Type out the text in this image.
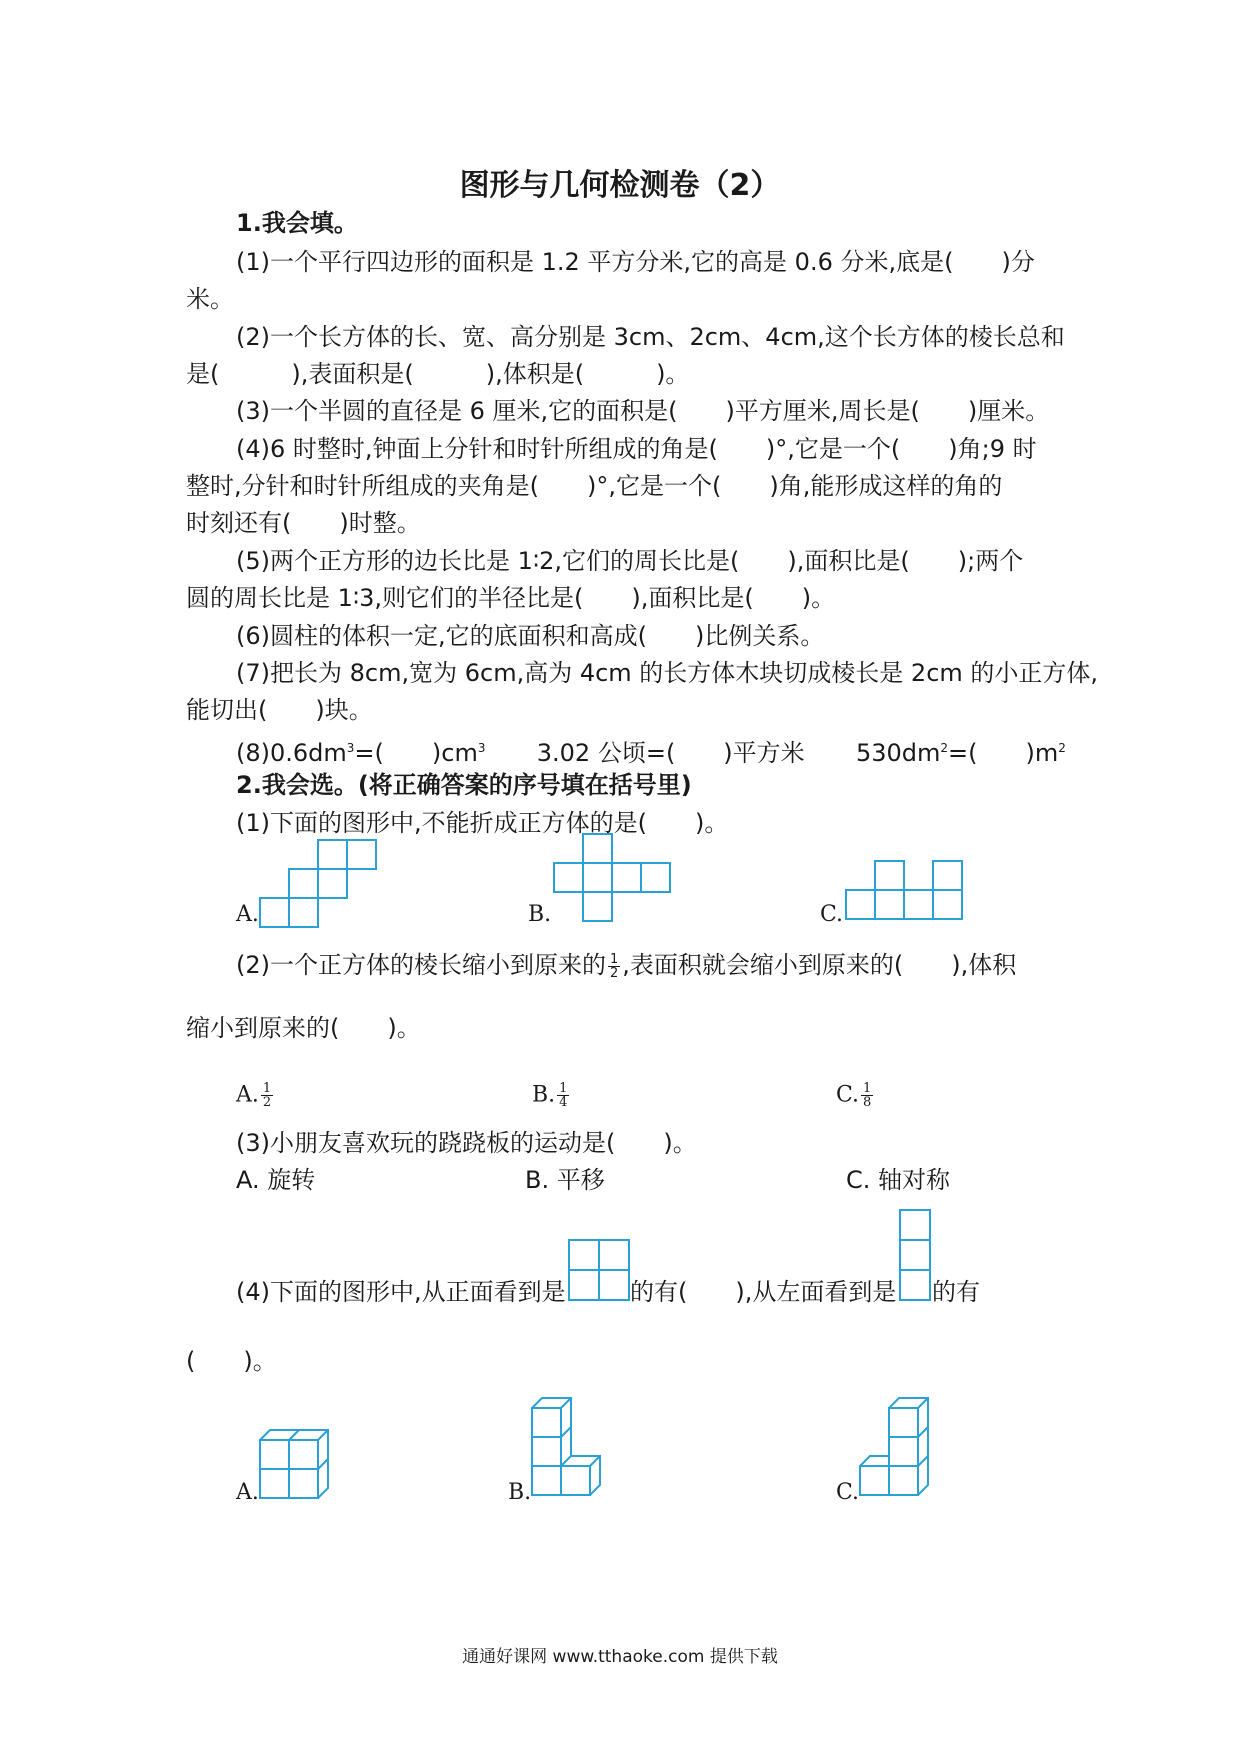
图形与几何检测卷（2）
1.我会填。
(1)一个平行四边形的面积是 1.2 平方分米,它的高是 0.6 分米,底是(　　)分
米。
(2)一个长方体的长、宽、高分别是 3cm、2cm、4cm,这个长方体的棱长总和
是(　　　),表面积是(　　　),体积是(　　　)。
(3)一个半圆的直径是 6 厘米,它的面积是(　　)平方厘米,周长是(　　)厘米。
(4)6 时整时,钟面上分针和时针所组成的角是(　　)°,它是一个(　　)角;9 时
整时,分针和时针所组成的夹角是(　　)°,它是一个(　　)角,能形成这样的角的
时刻还有(　　)时整。
(5)两个正方形的边长比是 1∶2,它们的周长比是(　　),面积比是(　　);两个
圆的周长比是 1∶3,则它们的半径比是(　　),面积比是(　　)。
(6)圆柱的体积一定,它的底面积和高成(　　)比例关系。
(7)把长为 8cm,宽为 6cm,高为 4cm 的长方体木块切成棱长是 2cm 的小正方体,
能切出(　　)块。
$(8)0.6dm^3=$(　　)$cm^3$ 3.02 公顷=(　　)平方米 $530dm^2=$(　　)$m^2$
2.我会选。(将正确答案的序号填在括号里)
(1)下面的图形中,不能折成正方体的是(　　)。
A.	B.	C.
(2)一个正方体的棱长缩小到原来的 $\frac{1}{2}$ ,表面积就会缩小到原来的(　　),体积
缩小到原来的(　　)。
A. $\frac{1}{2}$	B. $\frac{1}{4}$	C. $\frac{1}{8}$
(3)小朋友喜欢玩的跷跷板的运动是(　　)。
A. 旋转	B. 平移	C. 轴对称
(4)下面的图形中,从正面看到是	的有(　　),从左面看到是 的有
(　　)。
A.	B.	C.
通通好课网 www.tthaoke.com 提供下载
